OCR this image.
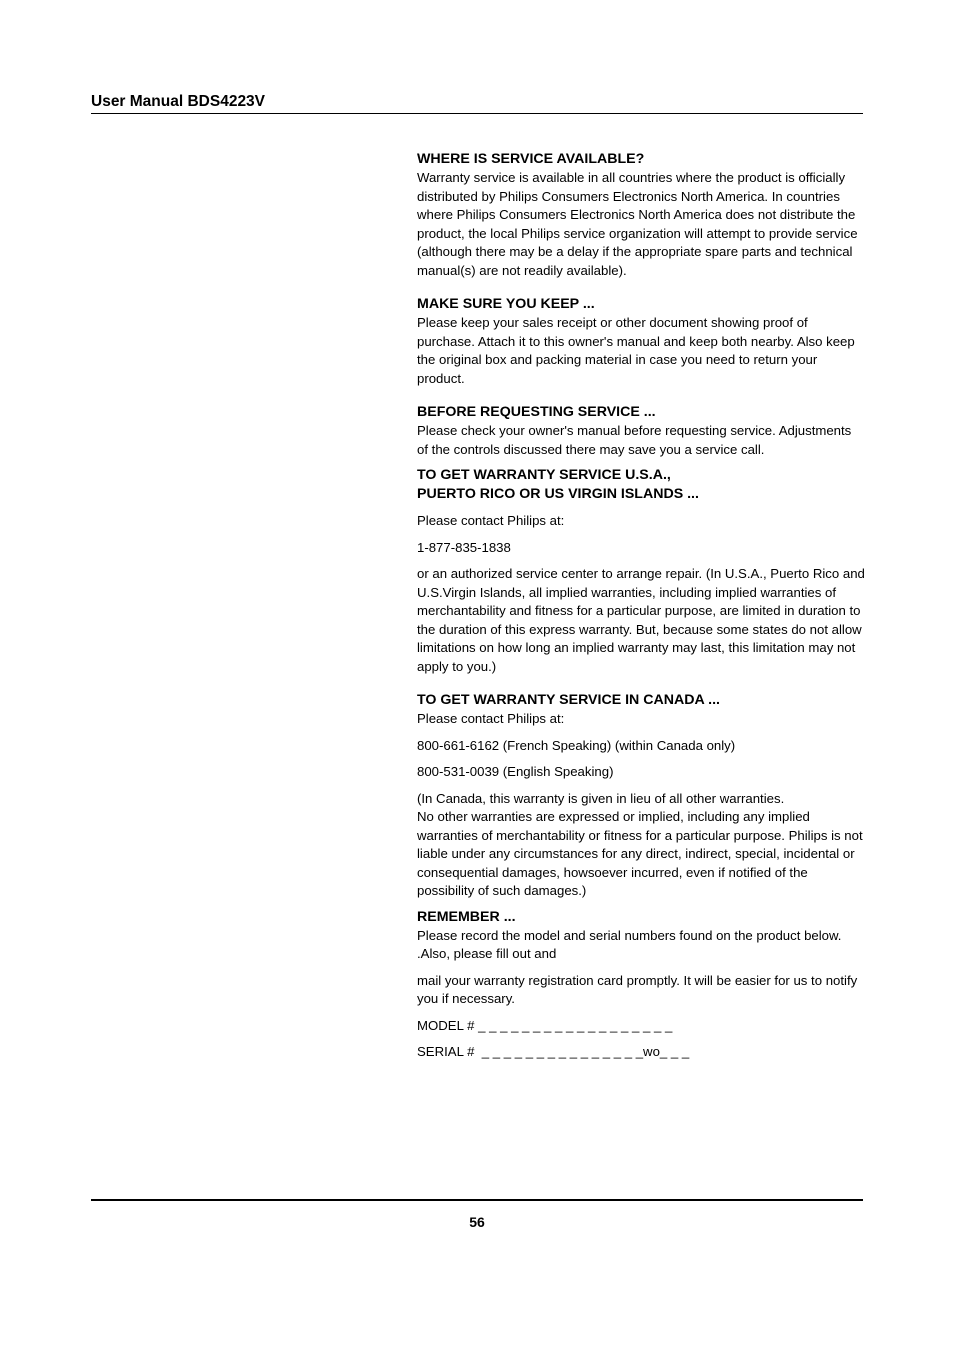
User Manual BDS4223V
WHERE IS SERVICE AVAILABLE?

Warranty service is available in all countries where the product is officially distributed by Philips Consumers Electronics North America. In countries where Philips Consumers Electronics North America does not distribute the product, the local Philips service organization will attempt to provide service (although there may be a delay if the appropriate spare parts and technical manual(s) are not readily available).

MAKE SURE YOU KEEP ...

Please keep your sales receipt or other document showing proof of purchase. Attach it to this owner's manual and keep both nearby. Also keep the original box and packing material in case you need to return your product.

BEFORE REQUESTING SERVICE ...

Please check your owner's manual before requesting service. Adjustments of the controls discussed there may save you a service call.

TO GET WARRANTY SERVICE U.S.A.,
PUERTO RICO OR US VIRGIN ISLANDS ...

Please contact Philips at:

1-877-835-1838

or an authorized service center to arrange repair. (In U.S.A., Puerto Rico and U.S.Virgin Islands, all implied warranties, including implied warranties of merchantability and fitness for a particular purpose, are limited in duration to the duration of this express warranty. But, because some states do not allow limitations on how long an implied warranty may last, this limitation may not apply to you.)

TO GET WARRANTY SERVICE IN CANADA ...

Please contact Philips at:

800-661-6162 (French Speaking) (within Canada only)

800-531-0039 (English Speaking)

(In Canada, this warranty is given in lieu of all other warranties.

No other warranties are expressed or implied, including any implied warranties of merchantability or fitness for a particular purpose. Philips is not liable under any circumstances for any direct, indirect, special, incidental or consequential damages, howsoever incurred, even if notified of the possibility of such damages.)

REMEMBER ...

Please record the model and serial numbers found on the product below. .Also, please fill out and

mail your warranty registration card promptly. It will be easier for us to notify you if necessary.

MODEL # _ _ _ _ _ _ _ _ _ _ _ _ _ _ _ _ _ _

SERIAL #  _ _ _ _ _ _ _ _ _ _ _ _ _ _ _wo_ _ _

56
